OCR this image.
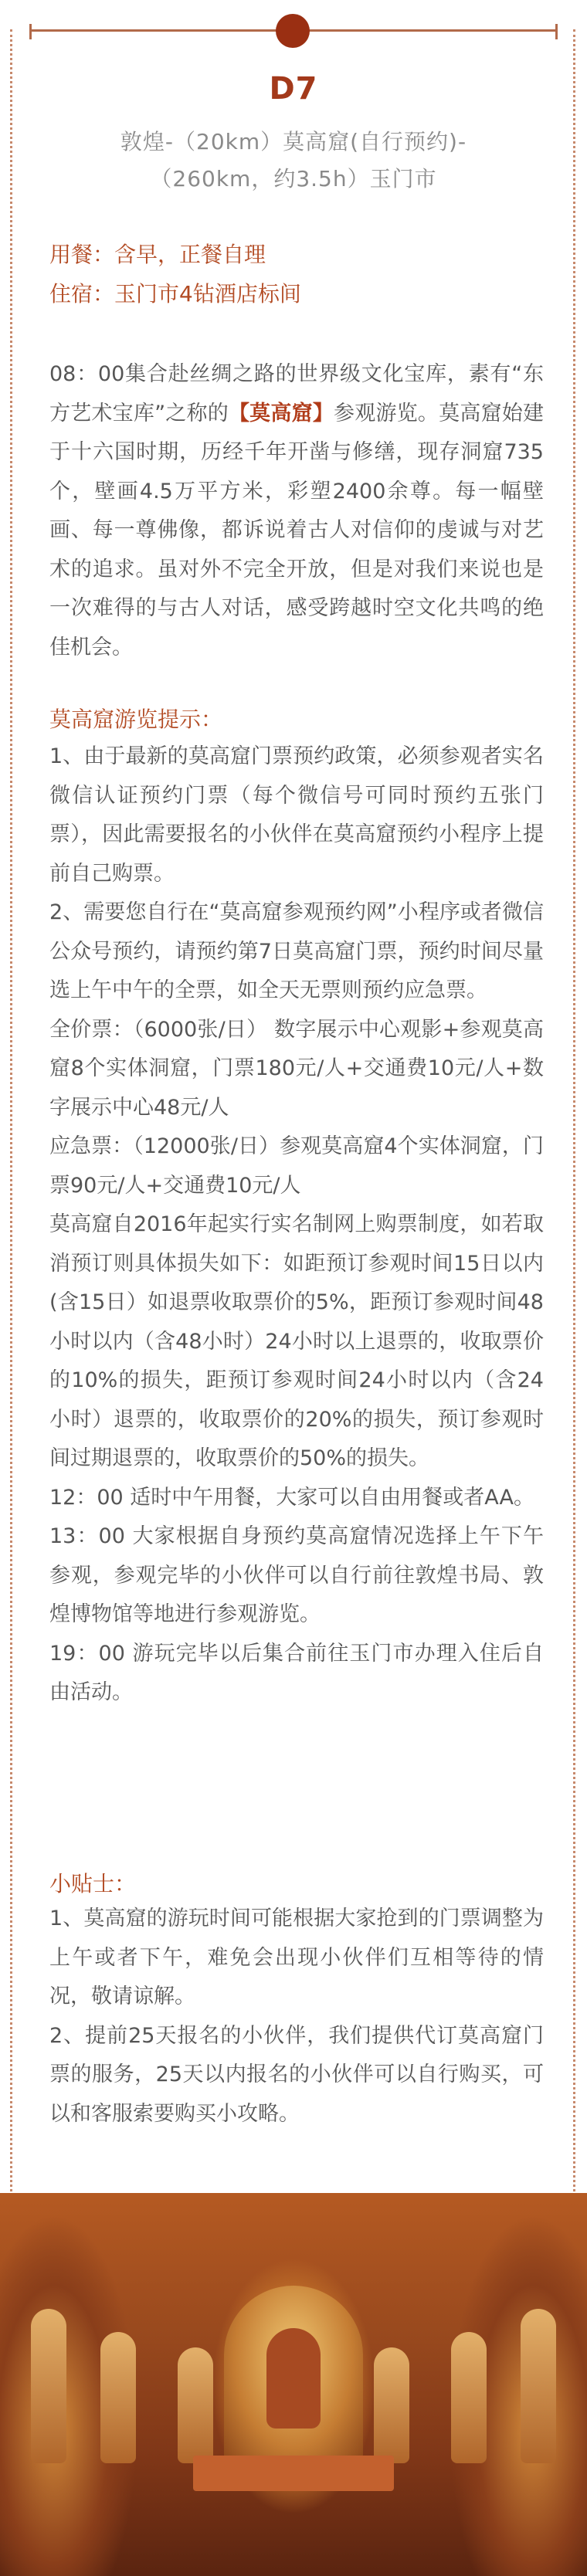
D7
敦煌-（20km）莫高窟(自行预约)-
（260km，约3.5h）玉门市
用餐：含早，正餐自理
住宿：玉门市4钻酒店标间

08：00集合赴丝绸之路的世界级文化宝库，素有“东方艺术宝库”之称的【莫高窟】参观游览。莫高窟始建于十六国时期，历经千年开凿与修缮，现存洞窟735个，壁画4.5万平方米，彩塑2400余尊。每一幅壁画、每一尊佛像，都诉说着古人对信仰的虔诚与对艺术的追求。虽对外不完全开放，但是对我们来说也是一次难得的与古人对话，感受跨越时空文化共鸣的绝佳机会。

莫高窟游览提示：
1、由于最新的莫高窟门票预约政策，必须参观者实名微信认证预约门票（每个微信号可同时预约五张门票），因此需要报名的小伙伴在莫高窟预约小程序上提前自己购票。
2、需要您自行在“莫高窟参观预约网”小程序或者微信公众号预约，请预约第7日莫高窟门票，预约时间尽量选上午中午的全票，如全天无票则预约应急票。
全价票：（6000张/日） 数字展示中心观影+参观莫高窟8个实体洞窟，门票180元/人+交通费10元/人+数字展示中心48元/人
应急票：（12000张/日）参观莫高窟4个实体洞窟，门票90元/人+交通费10元/人
莫高窟自2016年起实行实名制网上购票制度，如若取消预订则具体损失如下：如距预订参观时间15日以内(含15日）如退票收取票价的5%，距预订参观时间48小时以内（含48小时）24小时以上退票的，收取票价的10%的损失，距预订参观时间24小时以内（含24小时）退票的，收取票价的20%的损失，预订参观时间过期退票的，收取票价的50%的损失。
12：00 适时中午用餐，大家可以自由用餐或者AA。
13：00 大家根据自身预约莫高窟情况选择上午下午参观，参观完毕的小伙伴可以自行前往敦煌书局、敦煌博物馆等地进行参观游览。
19：00 游玩完毕以后集合前往玉门市办理入住后自由活动。
小贴士：
1、莫高窟的游玩时间可能根据大家抢到的门票调整为上午或者下午，难免会出现小伙伴们互相等待的情况，敬请谅解。
2、提前25天报名的小伙伴，我们提供代订莫高窟门票的服务，25天以内报名的小伙伴可以自行购买，可以和客服索要购买小攻略。
